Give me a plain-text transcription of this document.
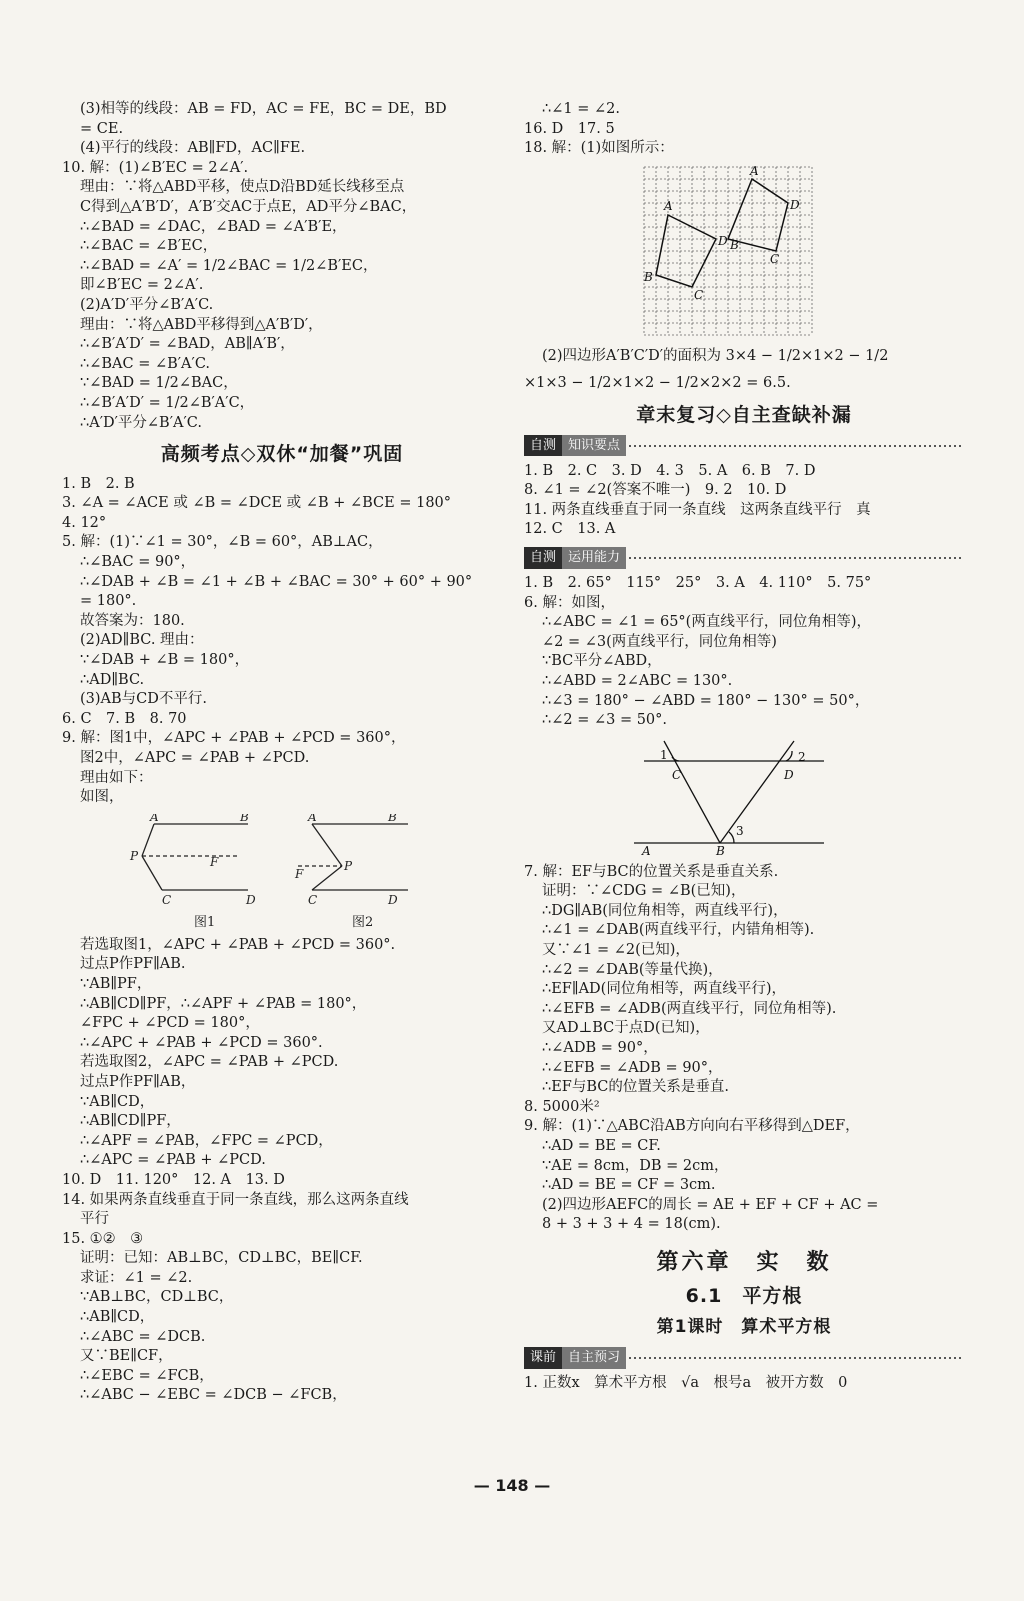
(3)相等的线段：AB = FD，AC = FE，BC = DE，BD
= CE.
(4)平行的线段：AB∥FD，AC∥FE.
10. 解：(1)∠B′EC = 2∠A′.
理由：∵将△ABD平移，使点D沿BD延长线移至点
C得到△A′B′D′，A′B′交AC于点E，AD平分∠BAC，
∴∠BAD = ∠DAC，∠BAD = ∠A′B′E，
∴∠BAC = ∠B′EC，
∴∠BAD = ∠A′ = 1/2∠BAC = 1/2∠B′EC，
即∠B′EC = 2∠A′.
(2)A′D′平分∠B′A′C.
理由：∵将△ABD平移得到△A′B′D′，
∴∠B′A′D′ = ∠BAD，AB∥A′B′，
∴∠BAC = ∠B′A′C.
∵∠BAD = 1/2∠BAC，
∴∠B′A′D′ = 1/2∠B′A′C，
∴A′D′平分∠B′A′C.
高频考点◇双休“加餐”巩固
1. B　2. B
3. ∠A = ∠ACE 或 ∠B = ∠DCE 或 ∠B + ∠BCE = 180°
4. 12°
5. 解：(1)∵∠1 = 30°，∠B = 60°，AB⊥AC，
∴∠BAC = 90°，
∴∠DAB + ∠B = ∠1 + ∠B + ∠BAC = 30° + 60° + 90°
= 180°.
故答案为：180.
(2)AD∥BC. 理由：
∵∠DAB + ∠B = 180°，
∴AD∥BC.
(3)AB与CD不平行.
6. C　7. B　8. 70
9. 解：图1中，∠APC + ∠PAB + ∠PCD = 360°，
图2中，∠APC = ∠PAB + ∠PCD.
理由如下：
如图，
A	B
P	F
C	D
A	B
P
F
C	D
图1	图2
若选取图1，∠APC + ∠PAB + ∠PCD = 360°.
过点P作PF∥AB.
∵AB∥PF，
∴AB∥CD∥PF，∴∠APF + ∠PAB = 180°，
∠FPC + ∠PCD = 180°，
∴∠APC + ∠PAB + ∠PCD = 360°.
若选取图2，∠APC = ∠PAB + ∠PCD.
过点P作PF∥AB，
∵AB∥CD，
∴AB∥CD∥PF，
∴∠APF = ∠PAB，∠FPC = ∠PCD，
∴∠APC = ∠PAB + ∠PCD.
10. D　11. 120°　12. A　13. D
14. 如果两条直线垂直于同一条直线，那么这两条直线
平行
15. ①②　③
证明：已知：AB⊥BC，CD⊥BC，BE∥CF.
求证：∠1 = ∠2.
∵AB⊥BC，CD⊥BC，
∴AB∥CD，
∴∠ABC = ∠DCB.
又∵BE∥CF，
∴∠EBC = ∠FCB，
∴∠ABC − ∠EBC = ∠DCB − ∠FCB，
∴∠1 = ∠2.
16. D　17. 5
18. 解：(1)如图所示：
A
D
C
B
A
D
C
B
(2)四边形A′B′C′D′的面积为 3×4 − 1/2×1×2 − 1/2
×1×3 − 1/2×1×2 − 1/2×2×2 = 6.5.
章末复习◇自主查缺补漏
自测 知识要点
1. B　2. C　3. D　4. 3　5. A　6. B　7. D
8. ∠1 = ∠2(答案不唯一)　9. 2　10. D
11. 两条直线垂直于同一条直线　这两条直线平行　真
12. C　13. A
自测 运用能力
1. B　2. 65°　115°　25°　3. A　4. 110°　5. 75°
6. 解：如图，
∴∠ABC = ∠1 = 65°(两直线平行，同位角相等)，
∠2 = ∠3(两直线平行，同位角相等)
∵BC平分∠ABD，
∴∠ABD = 2∠ABC = 130°.
∴∠3 = 180° − ∠ABD = 180° − 130° = 50°，
∴∠2 = ∠3 = 50°.
1	2
3
C	D
A	B
7. 解：EF与BC的位置关系是垂直关系.
证明：∵∠CDG = ∠B(已知)，
∴DG∥AB(同位角相等，两直线平行)，
∴∠1 = ∠DAB(两直线平行，内错角相等).
又∵∠1 = ∠2(已知)，
∴∠2 = ∠DAB(等量代换)，
∴EF∥AD(同位角相等，两直线平行)，
∴∠EFB = ∠ADB(两直线平行，同位角相等).
又AD⊥BC于点D(已知)，
∴∠ADB = 90°，
∴∠EFB = ∠ADB = 90°，
∴EF与BC的位置关系是垂直.
8. 5000米²
9. 解：(1)∵△ABC沿AB方向向右平移得到△DEF，
∴AD = BE = CF.
∵AE = 8cm，DB = 2cm，
∴AD = BE = CF = 3cm.
(2)四边形AEFC的周长 = AE + EF + CF + AC =
8 + 3 + 3 + 4 = 18(cm).
第六章　实　数
6.1　平方根
第1课时　算术平方根
课前 自主预习
1. 正数x　算术平方根　√a　根号a　被开方数　0
— 148 —
